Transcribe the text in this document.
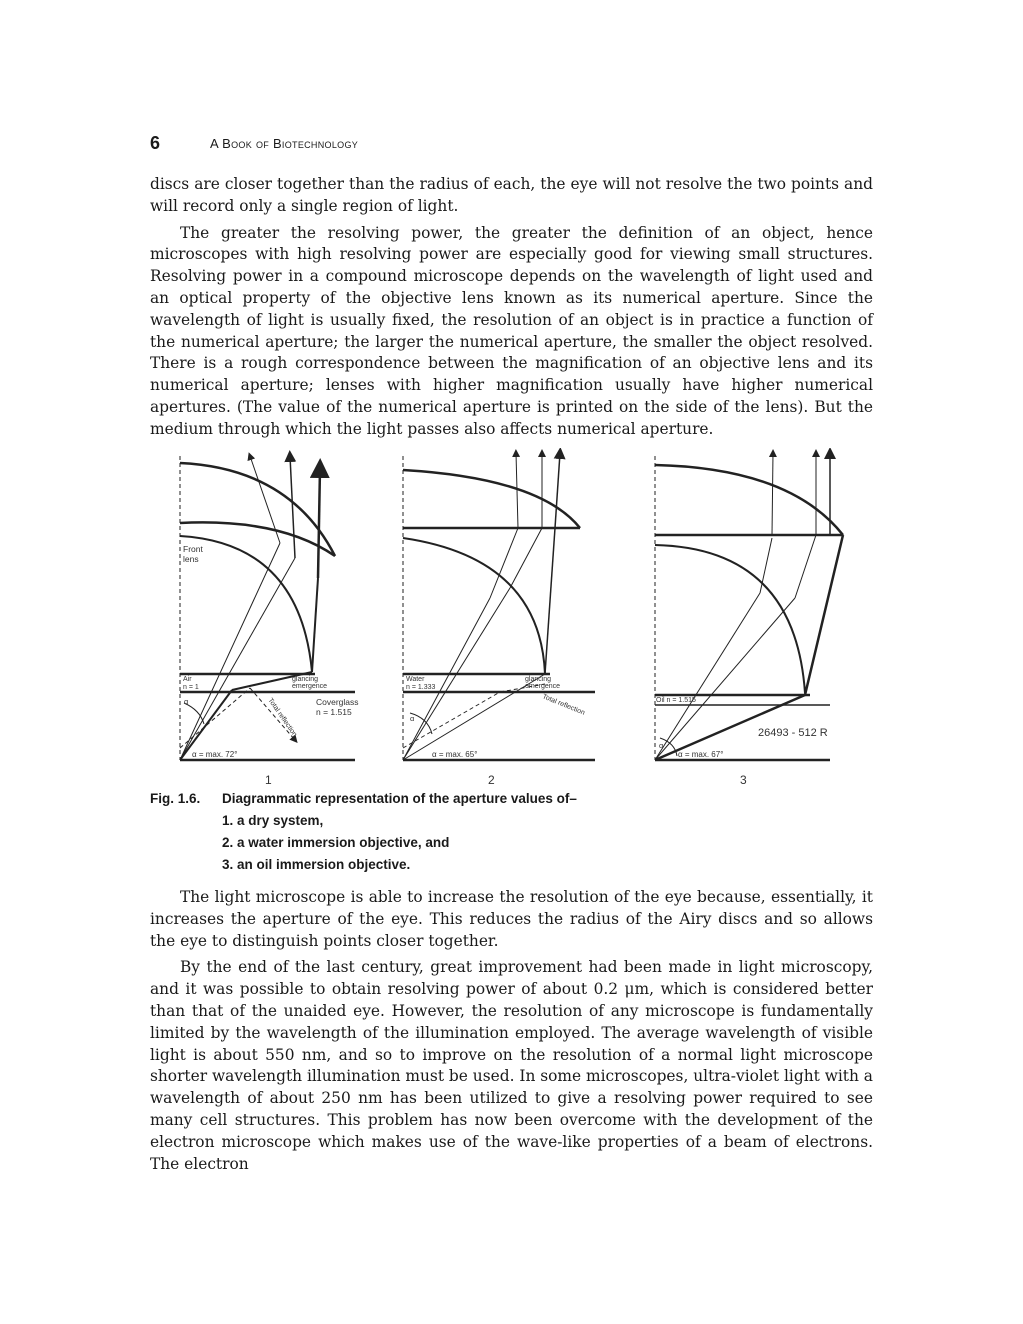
6	A Book of Biotechnology

discs are closer together than the radius of each, the eye will not resolve the two points and will record only a single region of light.

The greater the resolving power, the greater the definition of an object, hence microscopes with high resolving power are especially good for viewing small structures. Resolving power in a compound microscope depends on the wavelength of light used and an optical property of the objective lens known as its numerical aperture. Since the wavelength of light is usually fixed, the resolution of an object is in practice a function of the numerical aperture; the larger the numerical aperture, the smaller the object resolved. There is a rough correspondence between the magnification of an objective lens and its numerical aperture; lenses with higher magnification usually have higher numerical apertures. (The value of the numerical aperture is printed on the side of the lens). But the medium through which the light passes also affects numerical aperture.

Front
lens
Air
n = 1
glancing
emergence
α	Coverglass
n = 1.515
Total reflection
α = max. 72°
1
Water
n = 1.333
glancing
emergence
α
Total reflection
α = max. 65°
2
Oil n = 1.515
α
26493 - 512 R
α = max. 67°
3
Fig. 1.6. Diagrammatic representation of the aperture values of–
1. a dry system,
2. a water immersion objective, and
3. an oil immersion objective.

The light microscope is able to increase the resolution of the eye because, essentially, it increases the aperture of the eye. This reduces the radius of the Airy discs and so allows the eye to distinguish points closer together.

By the end of the last century, great improvement had been made in light microscopy, and it was possible to obtain resolving power of about 0.2 μm, which is considered better than that of the unaided eye. However, the resolution of any microscope is fundamentally limited by the wavelength of the illumination employed. The average wavelength of visible light is about 550 nm, and so to improve on the resolution of a normal light microscope shorter wavelength illumination must be used. In some microscopes, ultra-violet light with a wavelength of about 250 nm has been utilized to give a resolving power required to see many cell structures. This problem has now been overcome with the development of the electron microscope which makes use of the wave-like properties of a beam of electrons. The electron
